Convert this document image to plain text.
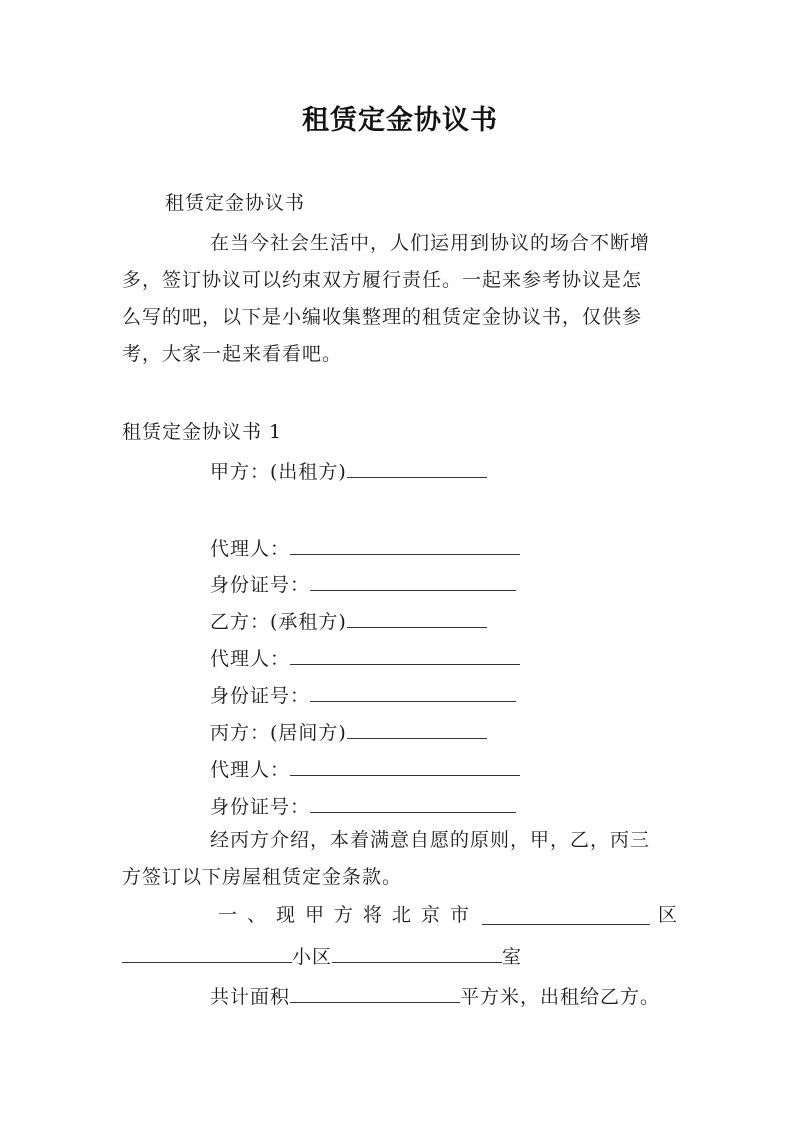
租赁定金协议书
租赁定金协议书
在当今社会生活中，人们运用到协议的场合不断增
多，签订协议可以约束双方履行责任。一起来参考协议是怎
么写的吧，以下是小编收集整理的租赁定金协议书，仅供参
考，大家一起来看看吧。
租赁定金协议书 1
甲方：(出租方)
代理人：
身份证号：
乙方：(承租方)
代理人：
身份证号：
丙方：(居间方)
代理人：
身份证号：
经丙方介绍，本着满意自愿的原则，甲，乙，丙三
方签订以下房屋租赁定金条款。
一 、 现 甲 方 将 北 京 市	区
小区	室
共计面积	平方米，出租给乙方。
